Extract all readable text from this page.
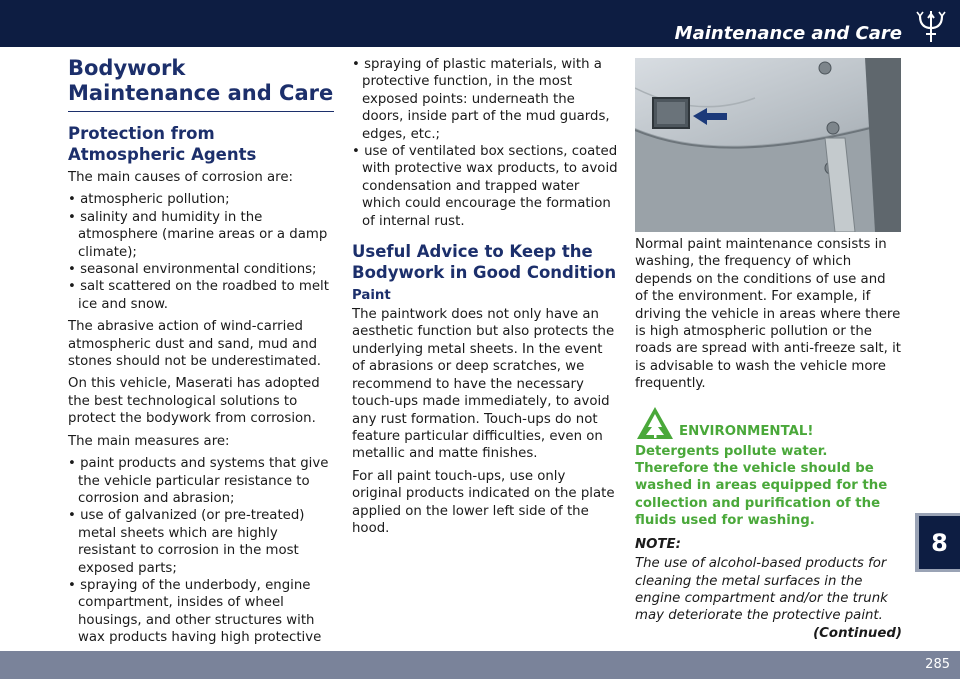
Maintenance and Care
Bodywork Maintenance and Care
Protection from Atmospheric Agents

The main causes of corrosion are:

• atmospheric pollution;
• salinity and humidity in the atmosphere (marine areas or a damp climate);
• seasonal environmental conditions;
• salt scattered on the roadbed to melt ice and snow.

The abrasive action of wind-carried atmospheric dust and sand, mud and stones should not be underestimated.

On this vehicle, Maserati has adopted the best technological solutions to protect the bodywork from corrosion.

The main measures are:

• paint products and systems that give the vehicle particular resistance to corrosion and abrasion;
• use of galvanized (or pre-treated) metal sheets which are highly resistant to corrosion in the most exposed parts;
• spraying of the underbody, engine compartment, insides of wheel housings, and other structures with wax products having high protective
• spraying of plastic materials, with a protective function, in the most exposed points: underneath the doors, inside part of the mud guards, edges, etc.;
• use of ventilated box sections, coated with protective wax products, to avoid condensation and trapped water which could encourage the formation of internal rust.
Useful Advice to Keep the Bodywork in Good Condition
Paint

The paintwork does not only have an aesthetic function but also protects the underlying metal sheets. In the event of abrasions or deep scratches, we recommend to have the necessary touch-ups made immediately, to avoid any rust formation. Touch-ups do not feature particular difficulties, even on metallic and matte finishes.

For all paint touch-ups, use only original products indicated on the plate applied on the lower left side of the hood.

Normal paint maintenance consists in washing, the frequency of which depends on the conditions of use and of the environment. For example, if driving the vehicle in areas where there is high atmospheric pollution or the roads are spread with anti-freeze salt, it is advisable to wash the vehicle more frequently.

ENVIRONMENTAL!

Detergents pollute water. Therefore the vehicle should be washed in areas equipped for the collection and purification of the fluids used for washing.

NOTE:

The use of alcohol-based products for cleaning the metal surfaces in the engine compartment and/or the trunk may deteriorate the protective paint.

(Continued)
8
285
